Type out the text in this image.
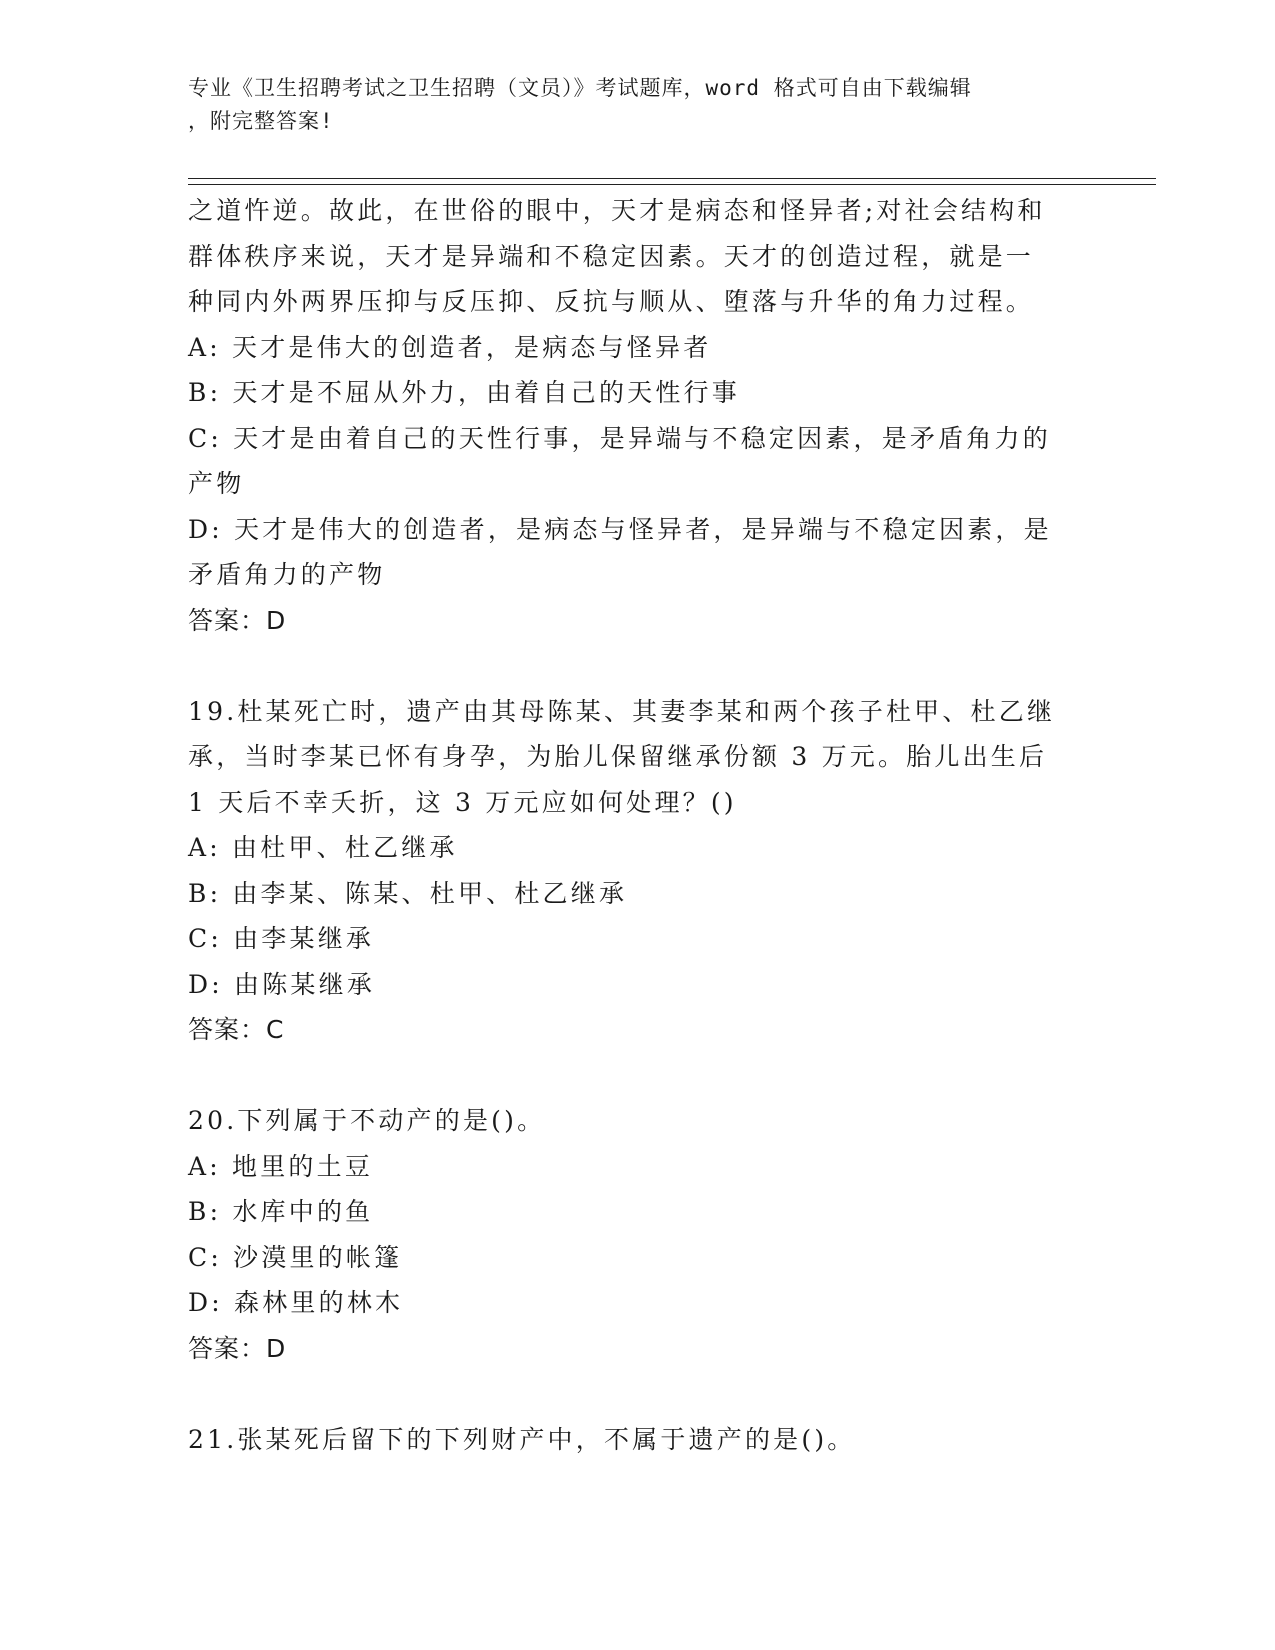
专业《卫生招聘考试之卫生招聘（文员）》考试题库，word 格式可自由下载编辑
，附完整答案!
之道忤逆。故此，在世俗的眼中，天才是病态和怪异者;对社会结构和
群体秩序来说，天才是异端和不稳定因素。天才的创造过程，就是一
种同内外两界压抑与反压抑、反抗与顺从、堕落与升华的角力过程。
A: 天才是伟大的创造者，是病态与怪异者
B: 天才是不屈从外力，由着自己的天性行事
C: 天才是由着自己的天性行事，是异端与不稳定因素，是矛盾角力的
产物
D: 天才是伟大的创造者，是病态与怪异者，是异端与不稳定因素，是
矛盾角力的产物
答案：D
19.杜某死亡时，遗产由其母陈某、其妻李某和两个孩子杜甲、杜乙继
承，当时李某已怀有身孕，为胎儿保留继承份额 3 万元。胎儿出生后
1 天后不幸夭折，这 3 万元应如何处理？()
A: 由杜甲、杜乙继承
B: 由李某、陈某、杜甲、杜乙继承
C: 由李某继承
D: 由陈某继承
答案：C
20.下列属于不动产的是()。
A: 地里的土豆
B: 水库中的鱼
C: 沙漠里的帐篷
D: 森林里的林木
答案：D
21.张某死后留下的下列财产中，不属于遗产的是()。
